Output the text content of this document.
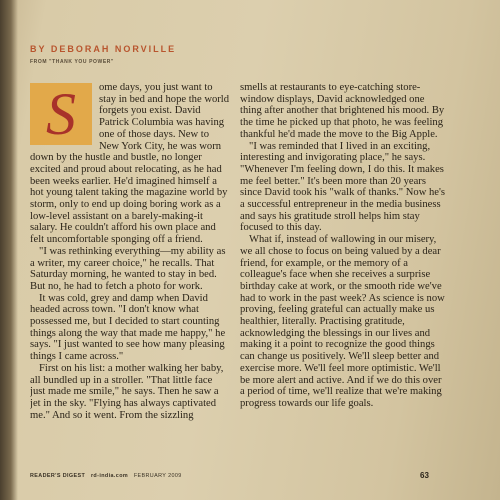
BY DEBORAH NORVILLE
FROM "THANK YOU POWER"
S	ome days, you just want to stay in bed and hope the world forgets you exist. David Patrick Columbia was having one of those days. New to New York City, he was worn down by the hustle and bustle, no longer excited and proud about relocating, as he had been weeks earlier. He'd imagined himself a hot young talent taking the magazine world by storm, only to end up doing boring work as a low-level assistant on a barely-making-it salary. He couldn't afford his own place and felt uncomfortable sponging off a friend.

"I was rethinking everything—my ability as a writer, my career choice," he recalls. That Saturday morning, he wanted to stay in bed. But no, he had to fetch a photo for work.

It was cold, grey and damp when David headed across town. "I don't know what possessed me, but I decided to start counting things along the way that made me happy," he says. "I just wanted to see how many pleasing things I came across."

First on his list: a mother walking her baby, all bundled up in a stroller. "That little face just made me smile," he says. Then he saw a jet in the sky. "Flying has always captivated me." And so it went. From the sizzling

smells at restaurants to eye-catching store-window displays, David acknowledged one thing after another that brightened his mood. By the time he picked up that photo, he was feeling thankful he'd made the move to the Big Apple.

"I was reminded that I lived in an exciting, interesting and invigorating place," he says. "Whenever I'm feeling down, I do this. It makes me feel better." It's been more than 20 years since David took his "walk of thanks." Now he's a successful entrepreneur in the media business and says his gratitude stroll helps him stay focused to this day.

What if, instead of wallowing in our misery, we all chose to focus on being valued by a dear friend, for example, or the memory of a colleague's face when she receives a surprise birthday cake at work, or the smooth ride we've had to work in the past week? As science is now proving, feeling grateful can actually make us healthier, literally. Practising gratitude, acknowledging the blessings in our lives and making it a point to recognize the good things can change us positively. We'll sleep better and exercise more. We'll feel more optimistic. We'll be more alert and active. And if we do this over a period of time, we'll realize that we're making progress towards our life goals.

READER'S DIGEST rd-india.com FEBRUARY 2009	63
